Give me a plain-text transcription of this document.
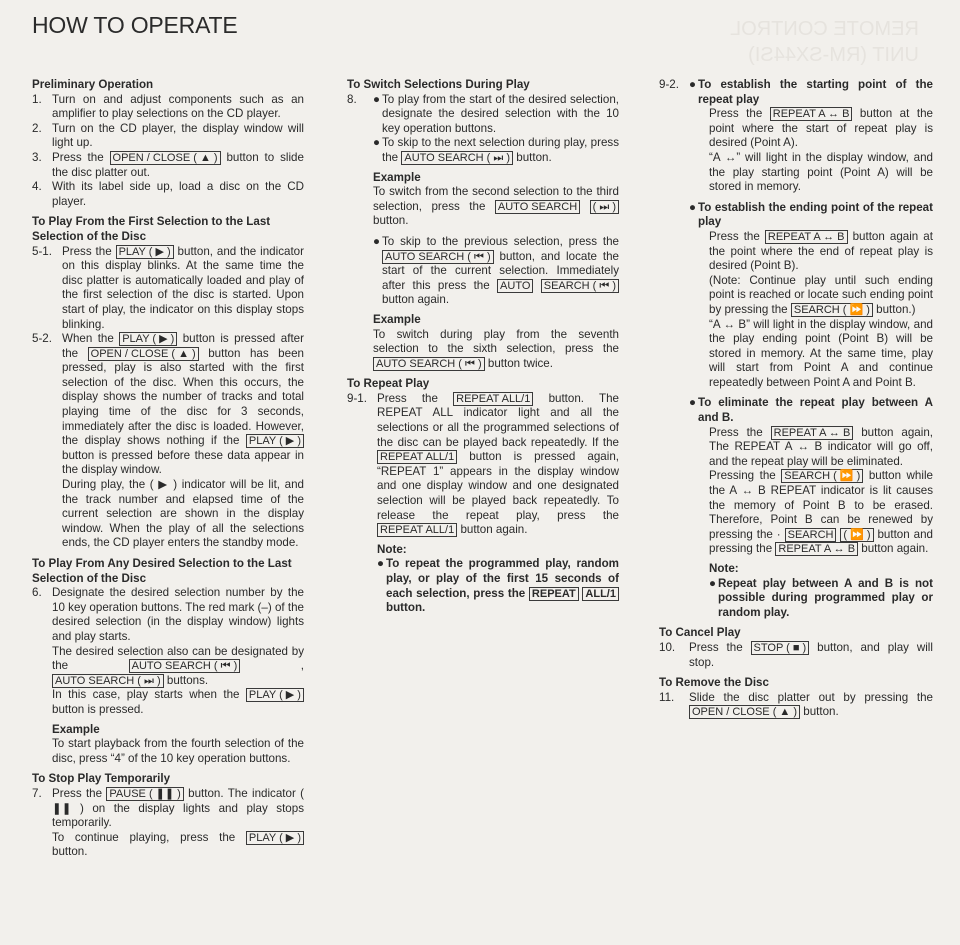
HOW TO OPERATE	REMOTE CONTROL
UNIT (RM-SX44SI)
Preliminary Operation
1. Turn on and adjust components such as an amplifier to play selections on the CD player.
2. Turn on the CD player, the display window will light up.
3. Press the OPEN / CLOSE ( ▲ ) button to slide the disc platter out.
4. With its label side up, load a disc on the CD player.
To Play From the First Selection to the Last Selection of the Disc
5-1. Press the PLAY ( ▶ ) button, and the indicator on this display blinks. At the same time the disc platter is automatically loaded and play of the first selection of the disc is started. Upon start of play, the indicator on this display stops blinking.
5-2. When the PLAY ( ▶ ) button is pressed after the OPEN / CLOSE ( ▲ ) button has been pressed, play is also started with the first selection of the disc. When this occurs, the display shows the number of tracks and total playing time of the disc for 3 seconds, immediately after the disc is loaded. However, the display shows nothing if the PLAY ( ▶ ) button is pressed before these data appear in the display window.
During play, the ( ▶ ) indicator will be lit, and the track number and elapsed time of the current selection are shown in the display window. When the play of all the selections ends, the CD player enters the standby mode.
To Play From Any Desired Selection to the Last Selection of the Disc
6. Designate the desired selection number by the 10 key operation buttons. The red mark (–) of the desired selection (in the display window) lights and play starts.
The desired selection also can be designated by the	AUTO SEARCH ( ⏮ ) , AUTO SEARCH ( ⏭ ) buttons.
In this case, play starts when the PLAY ( ▶ ) button is pressed.
Example
To start playback from the fourth selection of the disc, press “4” of the 10 key operation buttons.
To Stop Play Temporarily
7. Press the PAUSE ( ❚❚ ) button. The indicator ( ❚❚ ) on the display lights and play stops temporarily.
To continue playing, press the PLAY ( ▶ ) button.
To Switch Selections During Play
8.	● To play from the start of the desired selection, designate the desired selection with the 10 key operation buttons.
● To skip to the next selection during play, press the AUTO SEARCH ( ⏭ ) button.
Example
To switch from the second selection to the third selection, press the AUTO SEARCH ( ⏭ ) button.
● To skip to the previous selection, press the AUTO SEARCH ( ⏮ ) button, and locate the start of the current selection. Immediately after this press the AUTO SEARCH ( ⏮ ) button again.
Example
To switch during play from the seventh selection to the sixth selection, press the AUTO SEARCH ( ⏮ ) button twice.
To Repeat Play
9-1. Press the REPEAT ALL/1 button. The REPEAT ALL indicator light and all the selections or all the programmed selections of the disc can be played back repeatedly. If the REPEAT ALL/1 button is pressed again, “REPEAT 1” appears in the display window and one display window and one designated selection will be played back repeatedly. To release the repeat play, press the REPEAT ALL/1 button again.
Note:
● To repeat the programmed play, random play, or play of the first 15 seconds of each selection, press the REPEAT ALL/1 button.
9-2. ● To establish the starting point of the repeat play
Press the REPEAT A ↔ B button at the point where the start of repeat play is desired (Point A).
“A ↔” will light in the display window, and the play starting point (Point A) will be stored in memory.
● To establish the ending point of the repeat play
Press the REPEAT A ↔ B button again at the point where the end of repeat play is desired (Point B).
(Note: Continue play until such ending point is reached or locate such ending point by pressing the SEARCH ( ⏩ ) button.)
“A ↔ B” will light in the display window, and the play ending point (Point B) will be stored in memory. At the same time, play will start from Point A and continue repeatedly between Point A and Point B.
● To eliminate the repeat play between A and B.
Press the REPEAT A ↔ B button again, The REPEAT A ↔ B indicator will go off, and the repeat play will be eliminated.
Pressing the SEARCH ( ⏩ ) button while the A ↔ B REPEAT indicator is lit causes the memory of Point B to be erased. Therefore, Point B can be renewed by pressing the · SEARCH ( ⏩ ) button and pressing the REPEAT A ↔ B button again.
Note:
● Repeat play between A and B is not possible during programmed play or random play.
To Cancel Play
10.	Press the STOP ( ■ ) button, and play will stop.
To Remove the Disc
11.	Slide the disc platter out by pressing the OPEN / CLOSE ( ▲ ) button.
